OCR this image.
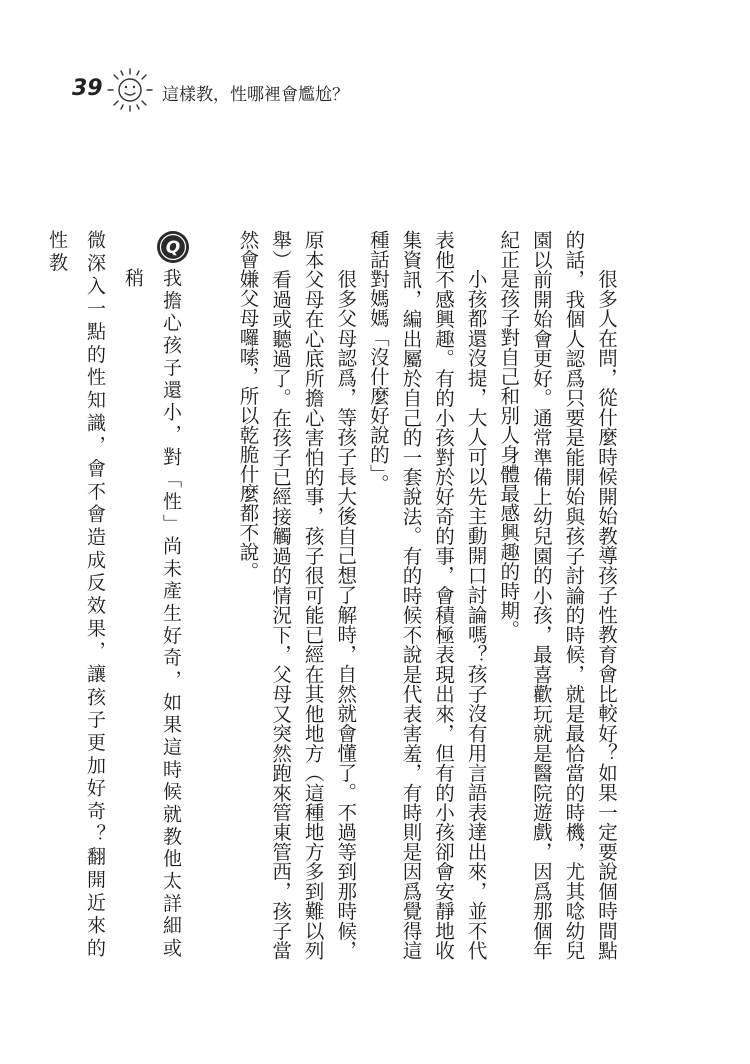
39	這樣教，性哪裡會尷尬？

很多人在問，從什麼時候開始教導孩子性教育會比較好？如果一定要說個時間點的話，我個人認爲只要是能開始與孩子討論的時候，就是最恰當的時機，尤其唸幼兒園以前開始會更好。通常準備上幼兒園的小孩，最喜歡玩就是醫院遊戲，因爲那個年紀正是孩子對自己和別人身體最感興趣的時期。

小孩都還沒提，大人可以先主動開口討論嗎？孩子沒有用言語表達出來，並不代表他不感興趣。有的小孩對於好奇的事，會積極表現出來，但有的小孩卻會安靜地收集資訊，編出屬於自己的一套說法。有的時候不說是代表害羞，有時則是因爲覺得這種話對媽媽「沒什麼好說的」。

很多父母認爲，等孩子長大後自己想了解時，自然就會懂了。不過等到那時候，原本父母在心底所擔心害怕的事，孩子很可能已經在其他地方（這種地方多到難以列舉）看過或聽過了。在孩子已經接觸過的情況下，父母又突然跑來管東管西，孩子當然會嫌父母囉嗦，所以乾脆什麼都不說。

Q
我擔心孩子還小，對「性」尚未產生好奇，如果這時候就教他太詳細或稍
微深入一點的性知識，會不會造成反效果，讓孩子更加好奇？翻開近來的性教
